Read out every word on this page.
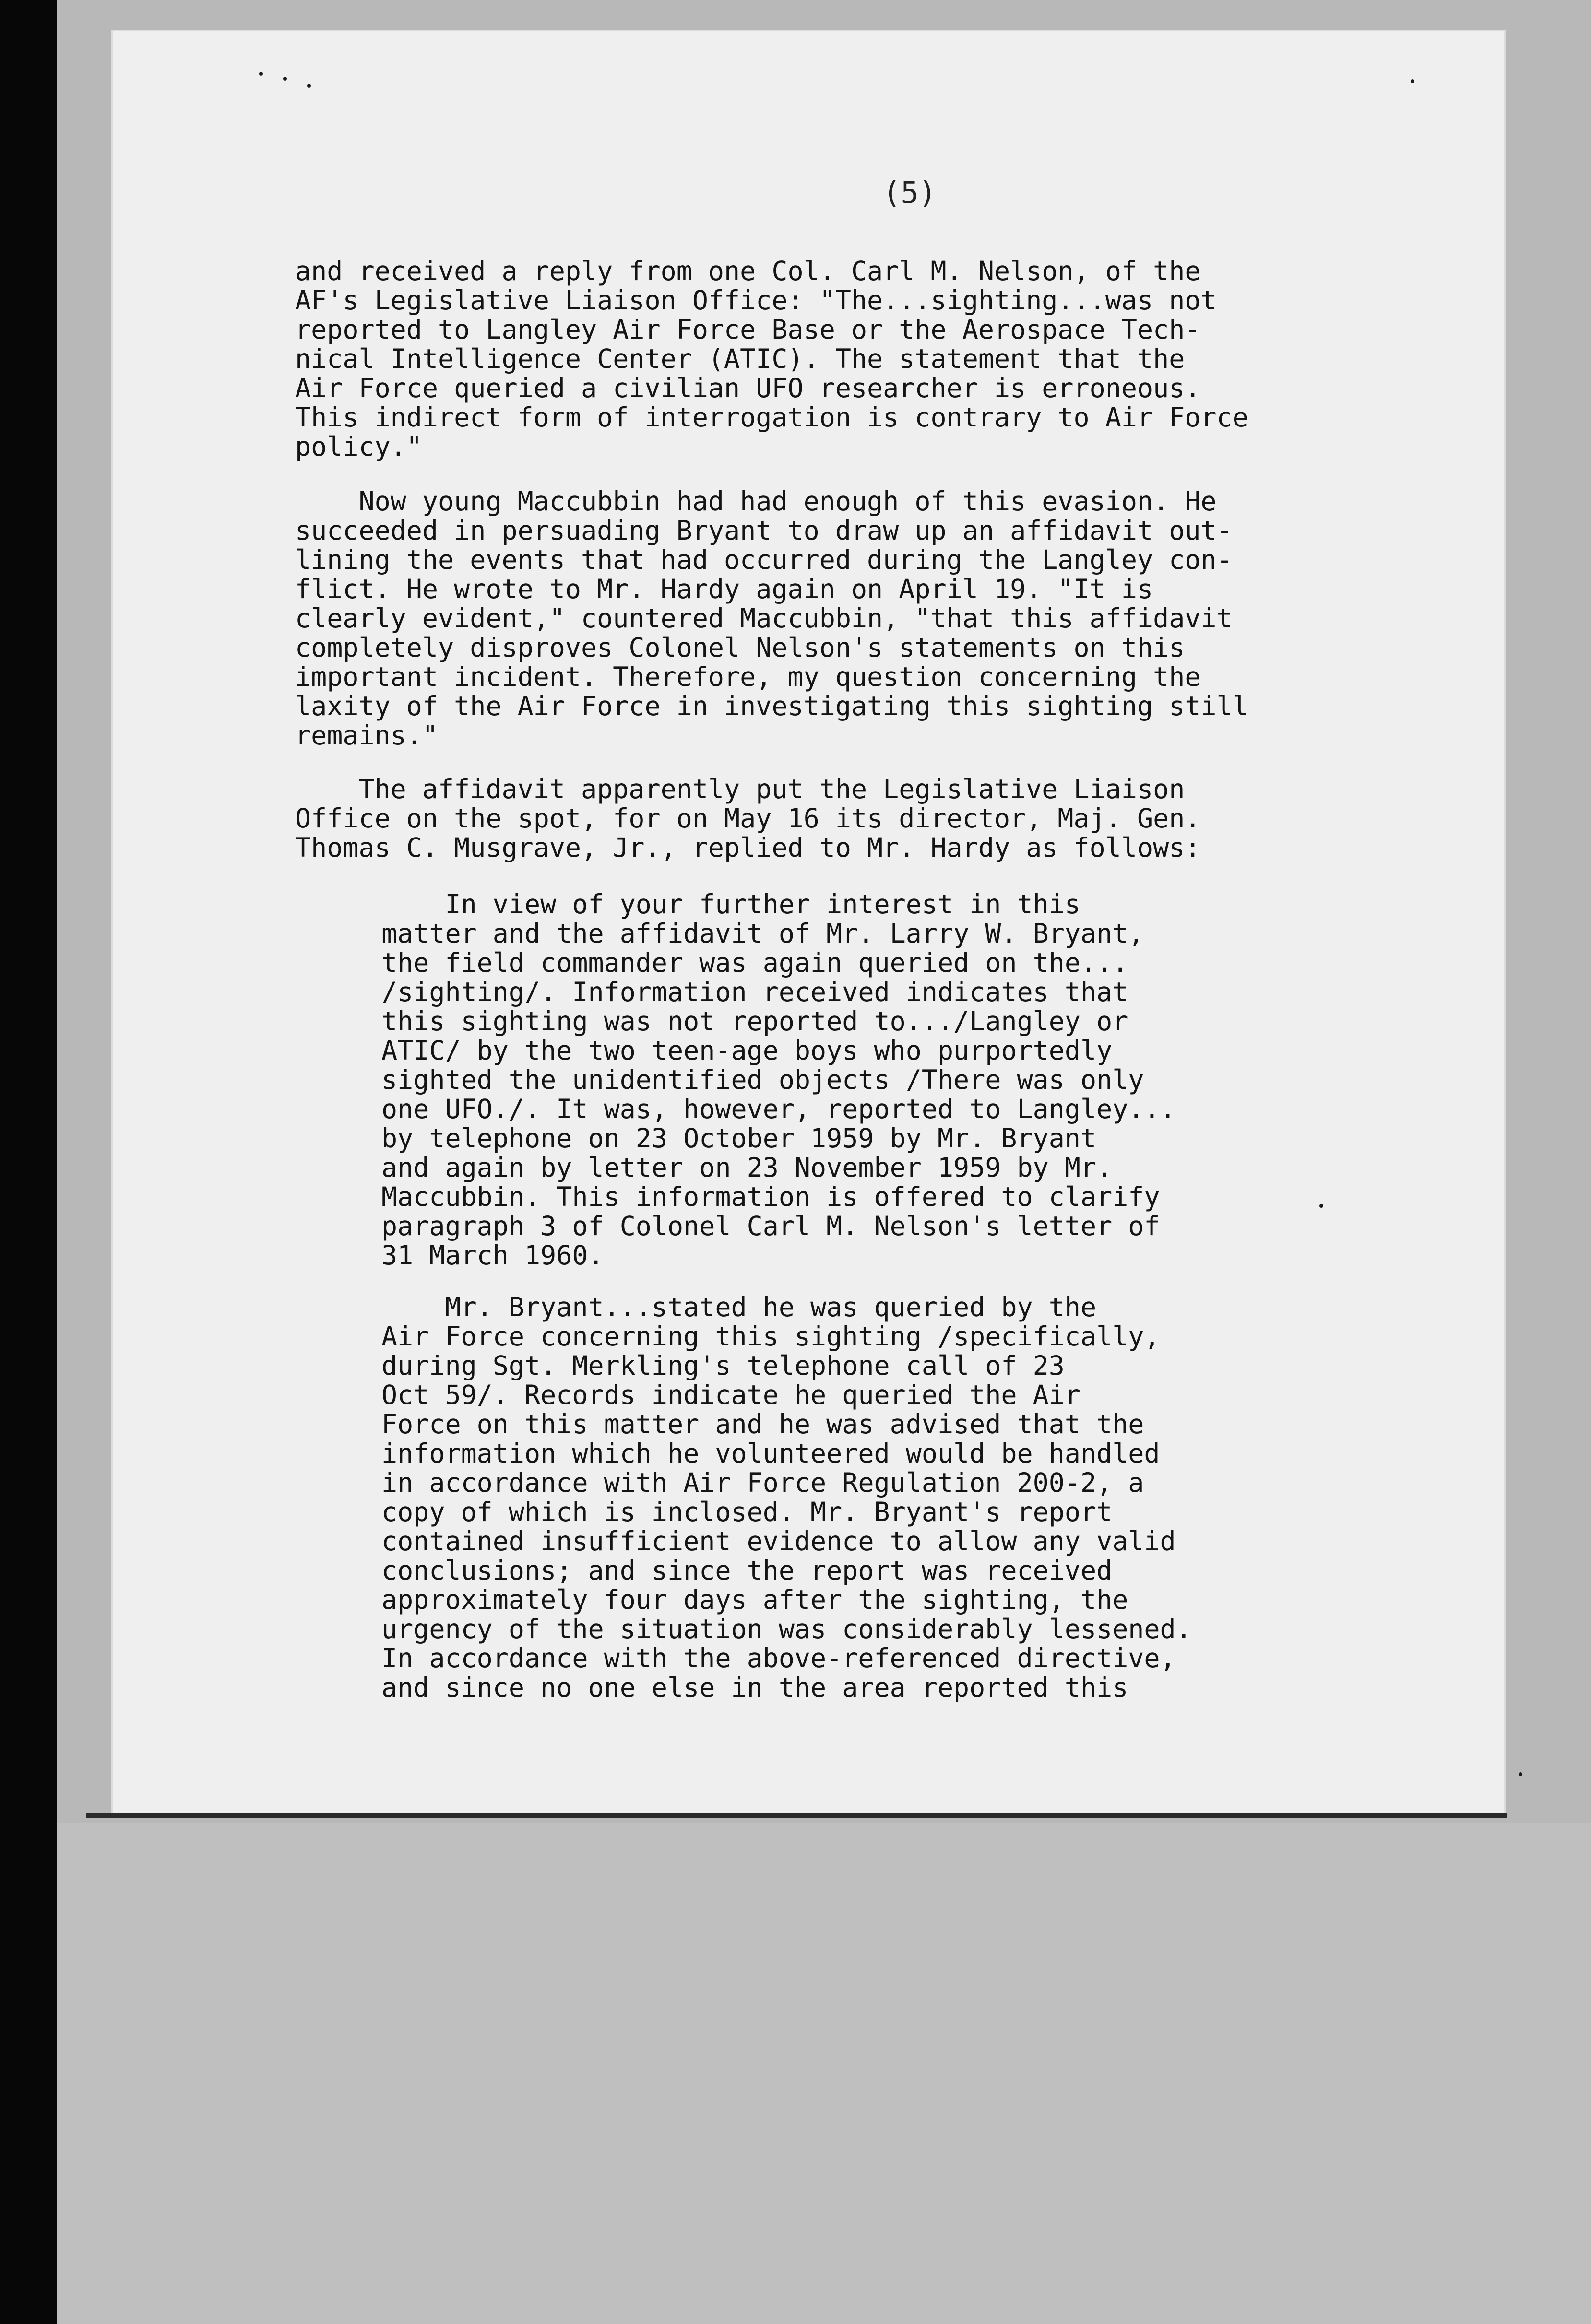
(5)

and received a reply from one Col. Carl M. Nelson, of the
AF's Legislative Liaison Office: "The...sighting...was not
reported to Langley Air Force Base or the Aerospace Tech-
nical Intelligence Center (ATIC). The statement that the
Air Force queried a civilian UFO researcher is erroneous.
This indirect form of interrogation is contrary to Air Force
policy."

Now young Maccubbin had had enough of this evasion. He
succeeded in persuading Bryant to draw up an affidavit out-
lining the events that had occurred during the Langley con-
flict. He wrote to Mr. Hardy again on April 19. "It is
clearly evident," countered Maccubbin, "that this affidavit
completely disproves Colonel Nelson's statements on this
important incident. Therefore, my question concerning the
laxity of the Air Force in investigating this sighting still
remains."

The affidavit apparently put the Legislative Liaison
Office on the spot, for on May 16 its director, Maj. Gen.
Thomas C. Musgrave, Jr., replied to Mr. Hardy as follows:

In view of your further interest in this
matter and the affidavit of Mr. Larry W. Bryant,
the field commander was again queried on the...
/sighting/. Information received indicates that
this sighting was not reported to.../Langley or
ATIC/ by the two teen-age boys who purportedly
sighted the unidentified objects /There was only
one UFO./. It was, however, reported to Langley...
by telephone on 23 October 1959 by Mr. Bryant
and again by letter on 23 November 1959 by Mr.
Maccubbin. This information is offered to clarify
paragraph 3 of Colonel Carl M. Nelson's letter of
31 March 1960.

Mr. Bryant...stated he was queried by the
Air Force concerning this sighting /specifically,
during Sgt. Merkling's telephone call of 23
Oct 59/. Records indicate he queried the Air
Force on this matter and he was advised that the
information which he volunteered would be handled
in accordance with Air Force Regulation 200-2, a
copy of which is inclosed. Mr. Bryant's report
contained insufficient evidence to allow any valid
conclusions; and since the report was received
approximately four days after the sighting, the
urgency of the situation was considerably lessened.
In accordance with the above-referenced directive,
and since no one else in the area reported this
